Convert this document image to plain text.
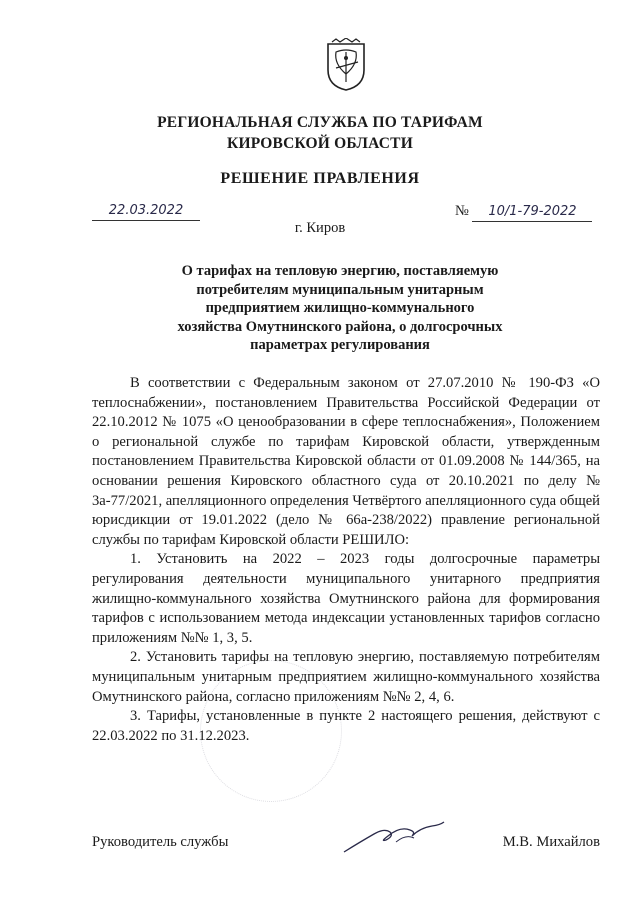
РЕГИОНАЛЬНАЯ СЛУЖБА ПО ТАРИФАМ
КИРОВСКОЙ ОБЛАСТИ
РЕШЕНИЕ ПРАВЛЕНИЯ
22.03.2022	№ 10/1-79-2022
г. Киров
О тарифах на тепловую энергию, поставляемую
потребителям муниципальным унитарным
предприятием жилищно-коммунального
хозяйства Омутнинского района, о долгосрочных
параметрах регулирования

В соответствии с Федеральным законом от 27.07.2010 № 190-ФЗ «О теплоснабжении», постановлением Правительства Российской Федерации от 22.10.2012 № 1075 «О ценообразовании в сфере теплоснабжения», Положением о региональной службе по тарифам Кировской области, утвержденным постановлением Правительства Кировской области от 01.09.2008 № 144/365, на основании решения Кировского областного суда от 20.10.2021 по делу № 3а-77/2021, апелляционного определения Четвёртого апелляционного суда общей юрисдикции от 19.01.2022 (дело № 66а-238/2022) правление региональной службы по тарифам Кировской области РЕШИЛО:

1. Установить на 2022 – 2023 годы долгосрочные параметры регулирования деятельности муниципального унитарного предприятия жилищно-коммунального хозяйства Омутнинского района для формирования тарифов с использованием метода индексации установленных тарифов согласно приложениям №№ 1, 3, 5.

2. Установить тарифы на тепловую энергию, поставляемую потребителям муниципальным унитарным предприятием жилищно-коммунального хозяйства Омутнинского района, согласно приложениям №№ 2, 4, 6.

3. Тарифы, установленные в пункте 2 настоящего решения, действуют с 22.03.2022 по 31.12.2023.

Руководитель службы	М.В. Михайлов
